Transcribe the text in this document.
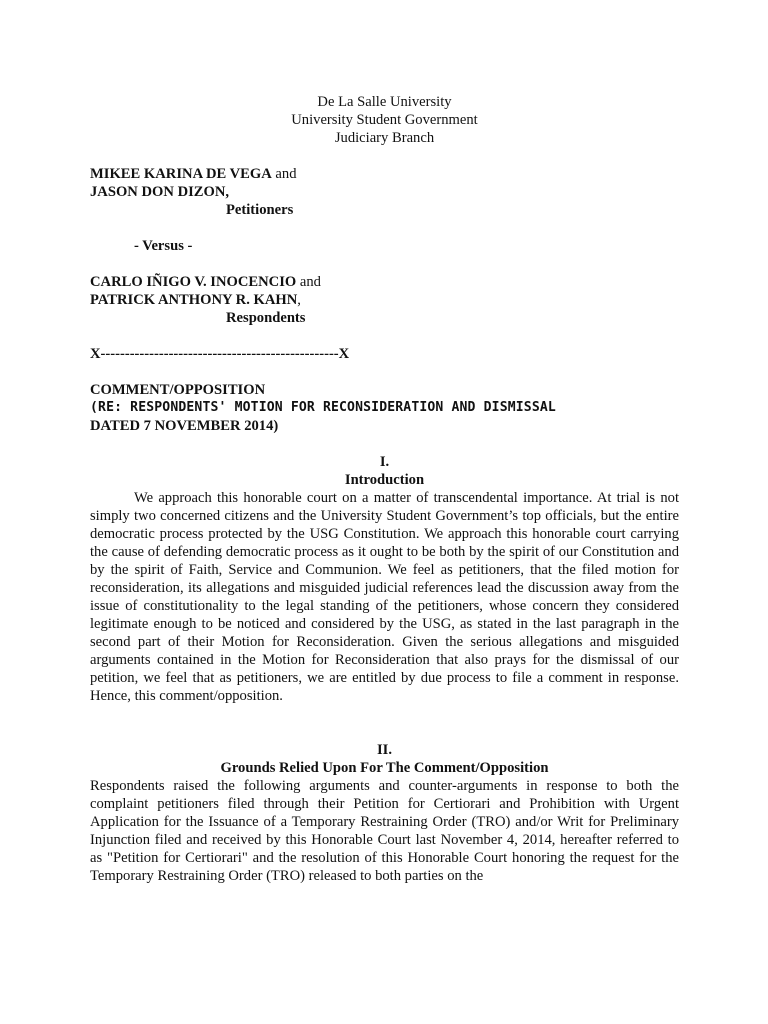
De La Salle University
University Student Government
Judiciary Branch
MIKEE KARINA DE VEGA and
JASON DON DIZON,
Petitioners
- Versus -
CARLO IÑIGO V. INOCENCIO and
PATRICK ANTHONY R. KAHN,
Respondents
X-------------------------------------------------X
COMMENT/OPPOSITION
(RE: RESPONDENTS' MOTION FOR RECONSIDERATION AND DISMISSAL
DATED 7 NOVEMBER 2014)
I.
Introduction

We approach this honorable court on a matter of transcendental importance. At trial is not simply two concerned citizens and the University Student Government’s top officials, but the entire democratic process protected by the USG Constitution. We approach this honorable court carrying the cause of defending democratic process as it ought to be both by the spirit of our Constitution and by the spirit of Faith, Service and Communion. We feel as petitioners, that the filed motion for reconsideration, its allegations and misguided judicial references lead the discussion away from the issue of constitutionality to the legal standing of the petitioners, whose concern they considered legitimate enough to be noticed and considered by the USG, as stated in the last paragraph in the second part of their Motion for Reconsideration. Given the serious allegations and misguided arguments contained in the Motion for Reconsideration that also prays for the dismissal of our petition, we feel that as petitioners, we are entitled by due process to file a comment in response. Hence, this comment/opposition.

II.
Grounds Relied Upon For The Comment/Opposition

Respondents raised the following arguments and counter-arguments in response to both the complaint petitioners filed through their Petition for Certiorari and Prohibition with Urgent Application for the Issuance of a Temporary Restraining Order (TRO) and/or Writ for Preliminary Injunction filed and received by this Honorable Court last November 4, 2014, hereafter referred to as "Petition for Certiorari" and the resolution of this Honorable Court honoring the request for the Temporary Restraining Order (TRO) released to both parties on the
